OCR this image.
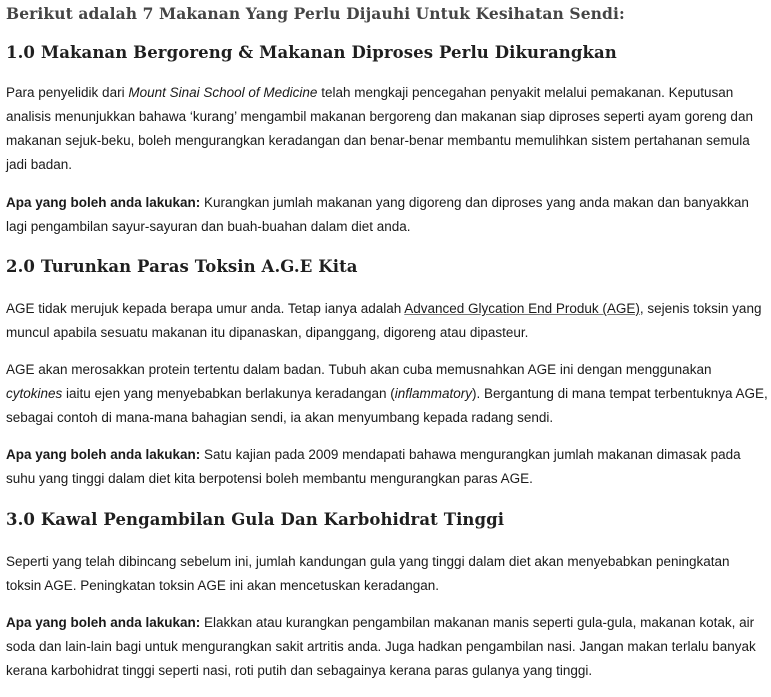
Berikut adalah 7 Makanan Yang Perlu Dijauhi Untuk Kesihatan Sendi:
1.0 Makanan Bergoreng & Makanan Diproses Perlu Dikurangkan

Para penyelidik dari Mount Sinai School of Medicine telah mengkaji pencegahan penyakit melalui pemakanan. Keputusan analisis menunjukkan bahawa ‘kurang’ mengambil makanan bergoreng dan makanan siap diproses seperti ayam goreng dan makanan sejuk-beku, boleh mengurangkan keradangan dan benar-benar membantu memulihkan sistem pertahanan semula jadi badan.

Apa yang boleh anda lakukan: Kurangkan jumlah makanan yang digoreng dan diproses yang anda makan dan banyakkan lagi pengambilan sayur-sayuran dan buah-buahan dalam diet anda.

2.0 Turunkan Paras Toksin A.G.E Kita

AGE tidak merujuk kepada berapa umur anda. Tetap ianya adalah Advanced Glycation End Produk (AGE), sejenis toksin yang muncul apabila sesuatu makanan itu dipanaskan, dipanggang, digoreng atau dipasteur.

AGE akan merosakkan protein tertentu dalam badan. Tubuh akan cuba memusnahkan AGE ini dengan menggunakan cytokines iaitu ejen yang menyebabkan berlakunya keradangan (inflammatory). Bergantung di mana tempat terbentuknya AGE, sebagai contoh di mana-mana bahagian sendi, ia akan menyumbang kepada radang sendi.

Apa yang boleh anda lakukan: Satu kajian pada 2009 mendapati bahawa mengurangkan jumlah makanan dimasak pada suhu yang tinggi dalam diet kita berpotensi boleh membantu mengurangkan paras AGE.

3.0 Kawal Pengambilan Gula Dan Karbohidrat Tinggi

Seperti yang telah dibincang sebelum ini, jumlah kandungan gula yang tinggi dalam diet akan menyebabkan peningkatan toksin AGE. Peningkatan toksin AGE ini akan mencetuskan keradangan.

Apa yang boleh anda lakukan: Elakkan atau kurangkan pengambilan makanan manis seperti gula-gula, makanan kotak, air soda dan lain-lain bagi untuk mengurangkan sakit artritis anda. Juga hadkan pengambilan nasi. Jangan makan terlalu banyak kerana karbohidrat tinggi seperti nasi, roti putih dan sebagainya kerana paras gulanya yang tinggi.
